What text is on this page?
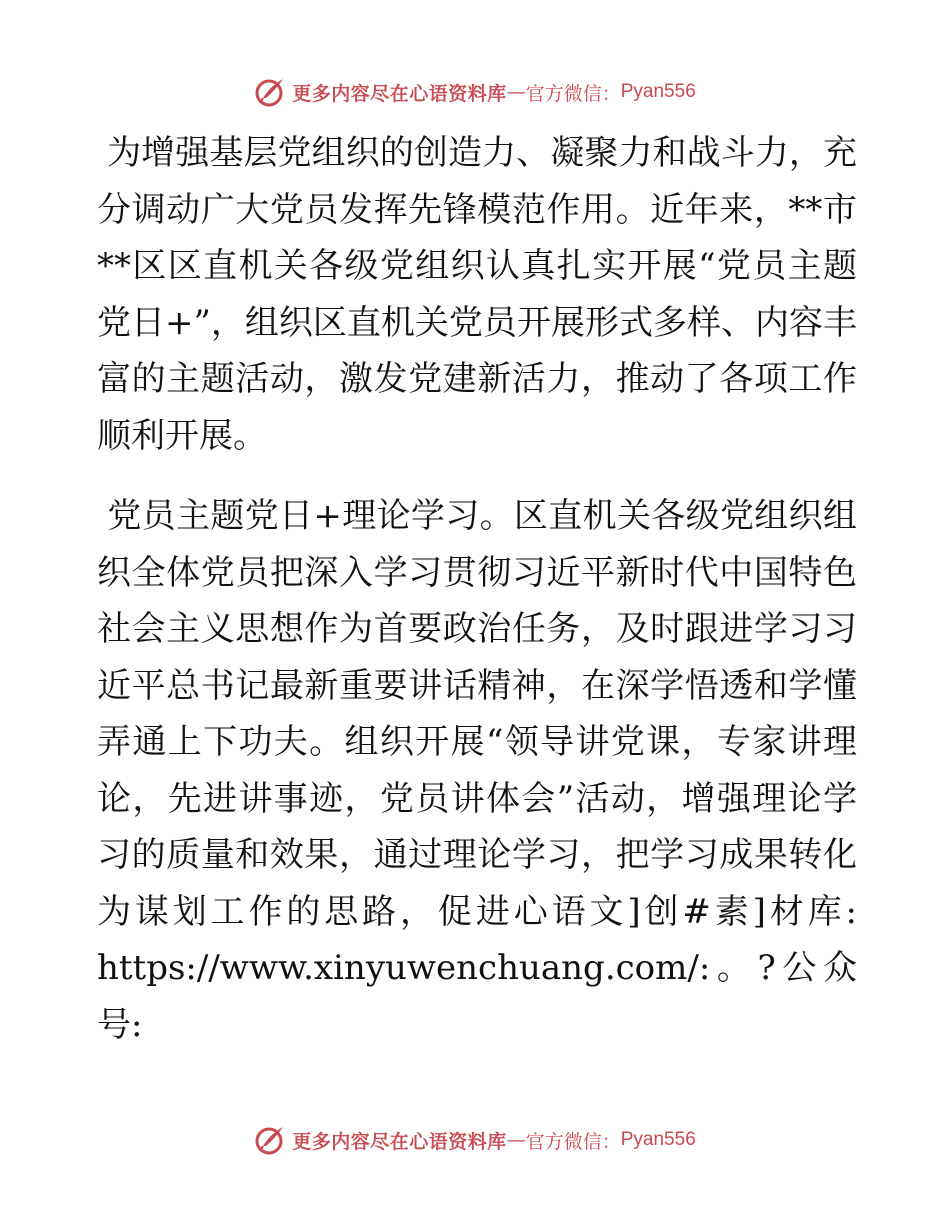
更多内容尽在心语资料库 — 官方微信： Pyan556

为增强基层党组织的创造力、凝聚力和战斗力，充分调动广大党员发挥先锋模范作用。近年来，**市**区区直机关各级党组织认真扎实开展“党员主题党日+”，组织区直机关党员开展形式多样、内容丰富的主题活动，激发党建新活力，推动了各项工作顺利开展。

党员主题党日+理论学习。区直机关各级党组织组织全体党员把深入学习贯彻习近平新时代中国特色社会主义思想作为首要政治任务，及时跟进学习习近平总书记最新重要讲话精神，在深学悟透和学懂弄通上下功夫。组织开展“领导讲党课，专家讲理论，先进讲事迹，党员讲体会”活动，增强理论学习的质量和效果，通过理论学习，把学习成果转化为谋划工作的思路，促进心语文]创#素]材库: https://www.xinyuwenchuang.com/:。?公众号:

更多内容尽在心语资料库 — 官方微信： Pyan556
